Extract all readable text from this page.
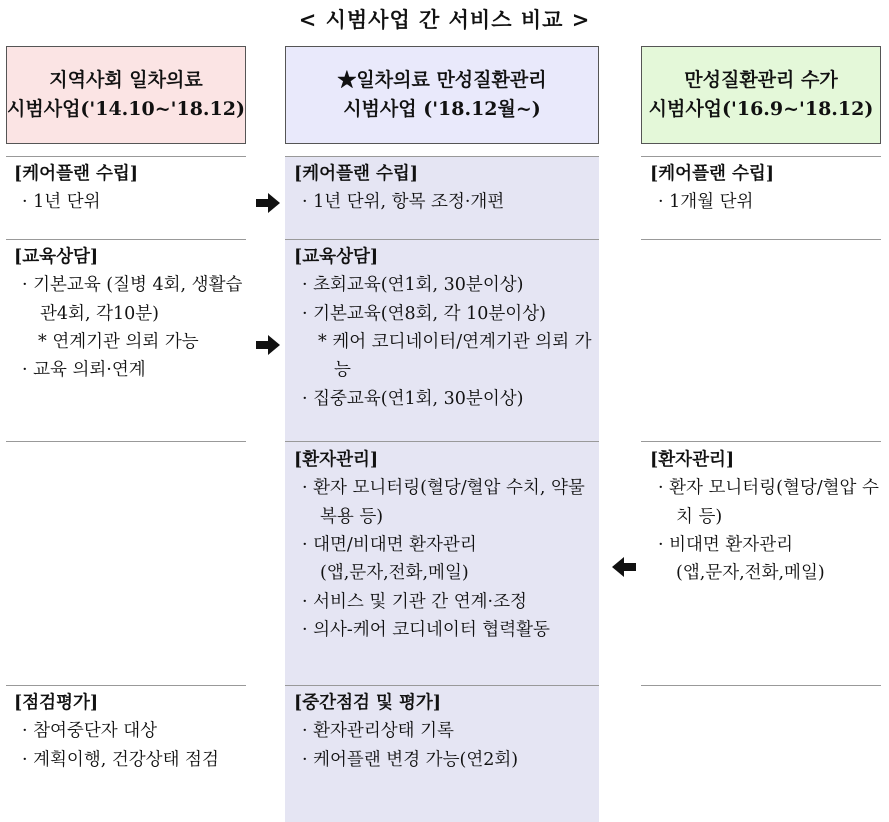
< 시범사업 간 서비스 비교 >
지역사회 일차의료
시범사업('14.10~'18.12)
★일차의료 만성질환관리
시범사업 ('18.12월~)
만성질환관리 수가
시범사업('16.9~'18.12)
[케어플랜 수립]
· 1년 단위
[케어플랜 수립]
· 1년 단위, 항목 조정·개편
[케어플랜 수립]
· 1개월 단위
[교육상담]
· 기본교육 (질병 4회, 생활습관4회, 각10분)
* 연계기관 의뢰 가능
· 교육 의뢰·연계
[교육상담]
· 초회교육(연1회, 30분이상)
· 기본교육(연8회, 각 10분이상)
* 케어 코디네이터/연계기관 의뢰 가능
· 집중교육(연1회, 30분이상)
[환자관리]
· 환자 모니터링(혈당/혈압 수치, 약물복용 등)
· 대면/비대면 환자관리
(앱,문자,전화,메일)
· 서비스 및 기관 간 연계·조정
· 의사-케어 코디네이터 협력활동
[환자관리]
· 환자 모니터링(혈당/혈압 수치 등)
· 비대면 환자관리
(앱,문자,전화,메일)
[점검평가]
· 참여중단자 대상
· 계획이행, 건강상태 점검
[중간점검 및 평가]
· 환자관리상태 기록
· 케어플랜 변경 가능(연2회)
